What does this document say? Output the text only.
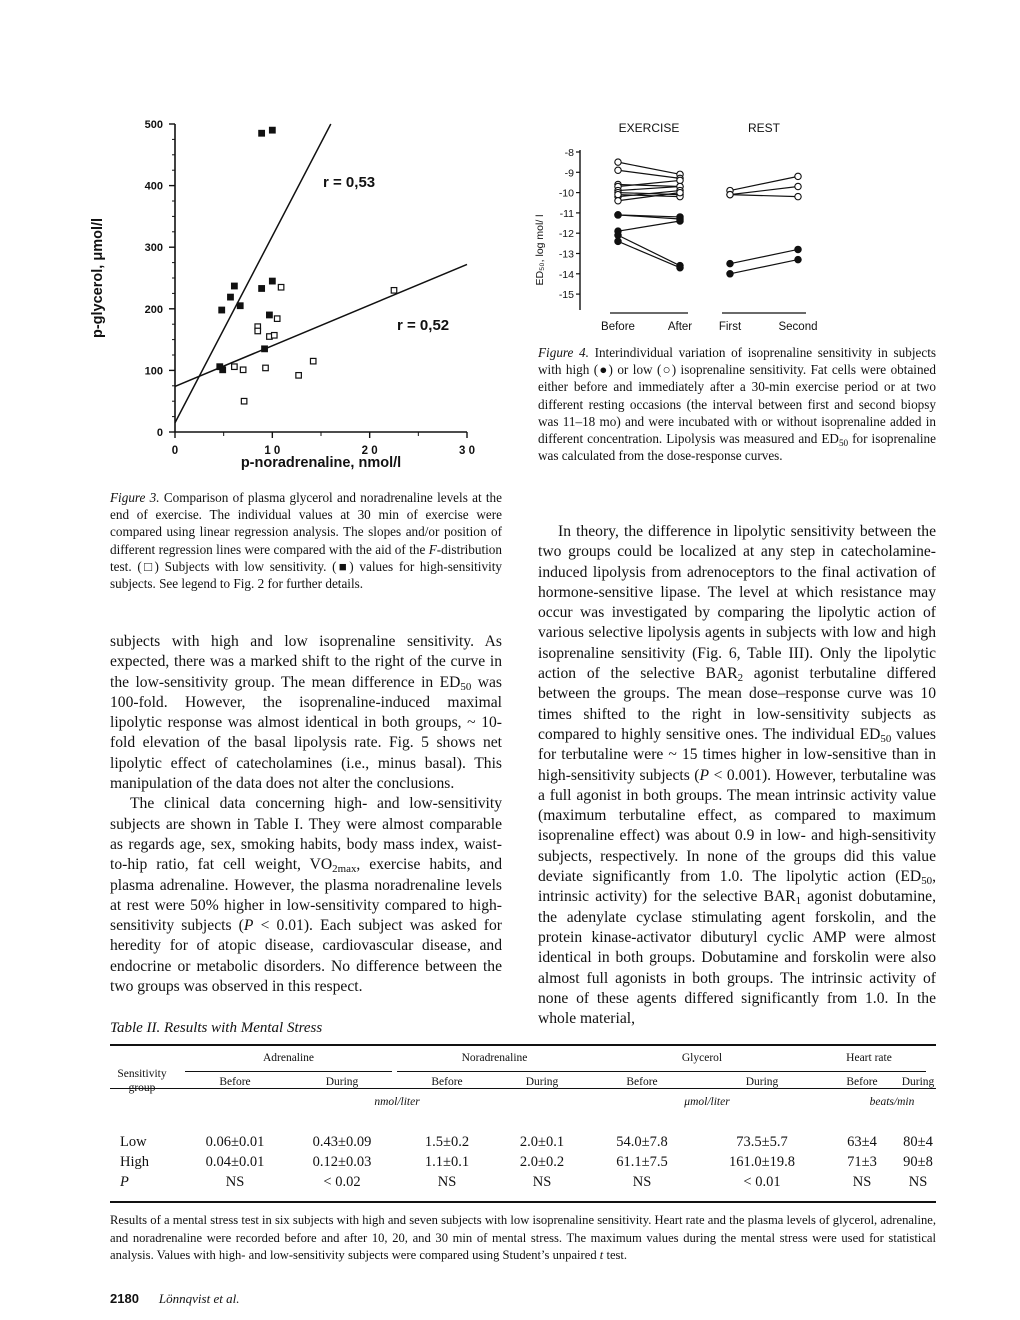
0
100
200
300
400
500
0	1 0	2 0	3 0
r = 0,53
r = 0,52
p-noradrenaline, nmol/l
p-glycerol, μmol/l
Figure 3. Comparison of plasma glycerol and noradrenaline levels at the end of exercise. The individual values at 30 min of exercise were compared using linear regression analysis. The slopes and/or position of different regression lines were compared with the aid of the F-distribution test. (□) Subjects with low sensitivity. (■) values for high-sensitivity subjects. See legend to Fig. 2 for further details.
-8
-9
-10
-11
-12
-13
-14
-15
ED₅₀, log mol/ l
EXERCISE
Before	After
REST
First	Second
Figure 4. Interindividual variation of isoprenaline sensitivity in subjects with high (●) or low (○) isoprenaline sensitivity. Fat cells were obtained either before and immediately after a 30-min exercise period or at two different resting occasions (the interval between first and second biopsy was 11–18 mo) and were incubated with or without isoprenaline added in different concentration. Lipolysis was measured and $ED_{50}$ for isoprenaline was calculated from the dose-response curves.

subjects with high and low isoprenaline sensitivity. As expected, there was a marked shift to the right of the curve in the low-sensitivity group. The mean difference in $ED_{50}$ was 100-fold. However, the isoprenaline-induced maximal lipolytic response was almost identical in both groups, ~ 10-fold elevation of the basal lipolysis rate. Fig. 5 shows net lipolytic effect of catecholamines (i.e., minus basal). This manipulation of the data does not alter the conclusions.

The clinical data concerning high- and low-sensitivity subjects are shown in Table I. They were almost comparable as regards age, sex, smoking habits, body mass index, waist-to-hip ratio, fat cell weight, $VO_{2max}$, exercise habits, and plasma adrenaline. However, the plasma noradrenaline levels at rest were 50% higher in low-sensitivity compared to high-sensitivity subjects (P < 0.01). Each subject was asked for heredity for of atopic disease, cardiovascular disease, and endocrine or metabolic disorders. No difference between the two groups was observed in this respect.

In theory, the difference in lipolytic sensitivity between the two groups could be localized at any step in catecholamine-induced lipolysis from adrenoceptors to the final activation of hormone-sensitive lipase. The level at which resistance may occur was investigated by comparing the lipolytic action of various selective lipolysis agents in subjects with low and high isoprenaline sensitivity (Fig. 6, Table III). Only the lipolytic action of the selective $BAR_2$ agonist terbutaline differed between the groups. The mean dose–response curve was 10 times shifted to the right in low-sensitivity subjects as compared to highly sensitive ones. The individual $ED_{50}$ values for terbutaline were ~ 15 times higher in low-sensitive than in high-sensitivity subjects (P < 0.001). However, terbutaline was a full agonist in both groups. The mean intrinsic activity value (maximum terbutaline effect, as compared to maximum isoprenaline effect) was about 0.9 in low- and high-sensitivity subjects, respectively. In none of the groups did this value deviate significantly from 1.0. The lipolytic action ($ED_{50}$, intrinsic activity) for the selective $BAR_1$ agonist dobutamine, the adenylate cyclase stimulating agent forskolin, and the protein kinase-activator dibuturyl cyclic AMP were almost identical in both groups. Dobutamine and forskolin were also almost full agonists in both groups. The intrinsic activity of none of these agents differed significantly from 1.0. In the whole material,

Table II. Results with Mental Stress
Sensitivity
group
Adrenaline	Noradrenaline	Glycerol	Heart rate
Before	During	Before	During	Before	During	Before	During
nmol/liter	μmol/liter	beats/min
Low	0.06±0.01	0.43±0.09	1.5±0.2	2.0±0.1	54.0±7.8	73.5±5.7	63±4	80±4
High	0.04±0.01	0.12±0.03	1.1±0.1	2.0±0.2	61.1±7.5	161.0±19.8	71±3	90±8
P	NS	< 0.02	NS	NS	NS	< 0.01	NS	NS
Results of a mental stress test in six subjects with high and seven subjects with low isoprenaline sensitivity. Heart rate and the plasma levels of glycerol, adrenaline, and noradrenaline were recorded before and after 10, 20, and 30 min of mental stress. The maximum values during the mental stress were used for statistical analysis. Values with high- and low-sensitivity subjects were compared using Student’s unpaired t test.
2180 Lönnqvist et al.
